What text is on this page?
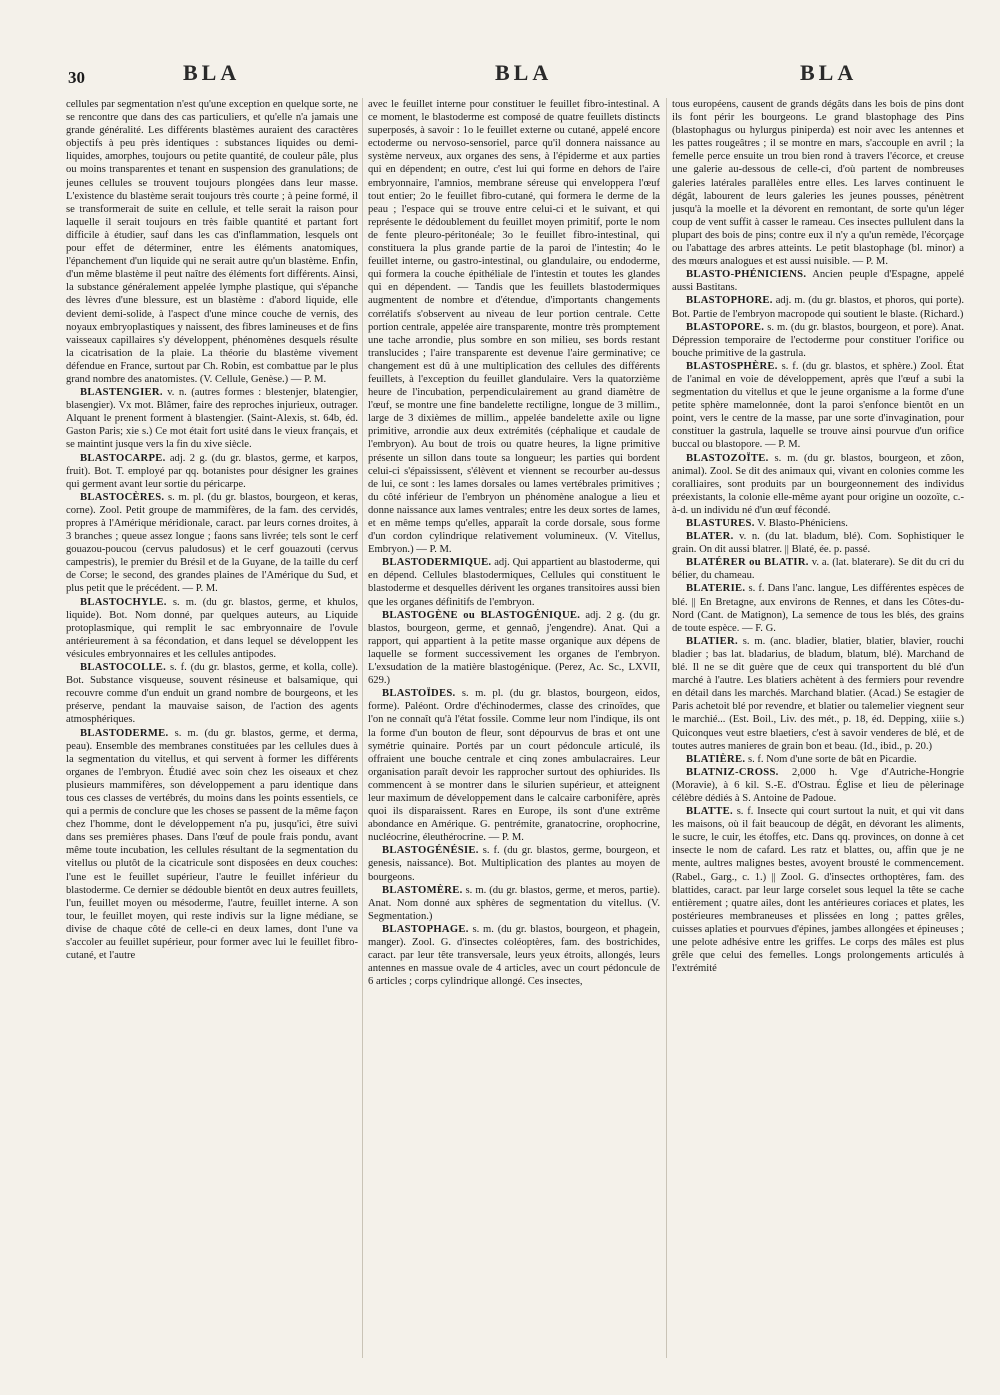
30	BLA	BLA	BLA

cellules par segmentation n'est qu'une exception en quelque sorte, ne se rencontre que dans des cas particuliers, et qu'elle n'a jamais une grande généralité. Les différents blastèmes auraient des caractères objectifs à peu près identiques : substances liquides ou demi-liquides, amorphes, toujours ou petite quantité, de couleur pâle, plus ou moins transparentes et tenant en suspension des granulations; de jeunes cellules se trouvent toujours plongées dans leur masse. L'existence du blastème serait toujours très courte ; à peine formé, il se transformerait de suite en cellule, et telle serait la raison pour laquelle il serait toujours en très faible quantité et partant fort difficile à étudier, sauf dans les cas d'inflammation, lesquels ont pour effet de déterminer, entre les éléments anatomiques, l'épanchement d'un liquide qui ne serait autre qu'un blastème. Enfin, d'un même blastème il peut naître des éléments fort différents. Ainsi, la substance généralement appelée lymphe plastique, qui s'épanche des lèvres d'une blessure, est un blastème : d'abord liquide, elle devient demi-solide, à l'aspect d'une mince couche de vernis, des noyaux embryoplastiques y naissent, des fibres lamineuses et de fins vaisseaux capillaires s'y développent, phénomènes desquels résulte la cicatrisation de la plaie. La théorie du blastème vivement défendue en France, surtout par Ch. Robin, est combattue par le plus grand nombre des anatomistes. (V. Cellule, Genèse.) — P. M.

BLASTENGIER. v. n. (autres formes : blestenjer, blatengier, blasengier). Vx mot. Blâmer, faire des reproches injurieux, outrager. Alquant le prenent forment à blastengier. (Saint-Alexis, st. 64b, éd. Gaston Paris; xie s.) Ce mot était fort usité dans le vieux français, et se maintint jusque vers la fin du xive siècle.

BLASTOCARPE. adj. 2 g. (du gr. blastos, germe, et karpos, fruit). Bot. T. employé par qq. botanistes pour désigner les graines qui germent avant leur sortie du péricarpe.

BLASTOCÈRES. s. m. pl. (du gr. blastos, bourgeon, et keras, corne). Zool. Petit groupe de mammifères, de la fam. des cervidés, propres à l'Amérique méridionale, caract. par leurs cornes droites, à 3 branches ; queue assez longue ; faons sans livrée; tels sont le cerf gouazou-poucou (cervus paludosus) et le cerf gouazouti (cervus campestris), le premier du Brésil et de la Guyane, de la taille du cerf de Corse; le second, des grandes plaines de l'Amérique du Sud, et plus petit que le précédent. — P. M.

BLASTOCHYLE. s. m. (du gr. blastos, germe, et khulos, liquide). Bot. Nom donné, par quelques auteurs, au Liquide protoplasmique, qui remplit le sac embryonnaire de l'ovule antérieurement à sa fécondation, et dans lequel se développent les vésicules embryonnaires et les cellules antipodes.

BLASTOCOLLE. s. f. (du gr. blastos, germe, et kolla, colle). Bot. Substance visqueuse, souvent résineuse et balsamique, qui recouvre comme d'un enduit un grand nombre de bourgeons, et les préserve, pendant la mauvaise saison, de l'action des agents atmosphériques.

BLASTODERME. s. m. (du gr. blastos, germe, et derma, peau). Ensemble des membranes constituées par les cellules dues à la segmentation du vitellus, et qui servent à former les différents organes de l'embryon. Étudié avec soin chez les oiseaux et chez plusieurs mammifères, son développement a paru identique dans tous ces classes de vertébrés, du moins dans les points essentiels, ce qui a permis de conclure que les choses se passent de la même façon chez l'homme, dont le développement n'a pu, jusqu'ici, être suivi dans ses premières phases. Dans l'œuf de poule frais pondu, avant même toute incubation, les cellules résultant de la segmentation du vitellus ou plutôt de la cicatricule sont disposées en deux couches: l'une est le feuillet supérieur, l'autre le feuillet inférieur du blastoderme. Ce dernier se dédouble bientôt en deux autres feuillets, l'un, feuillet moyen ou mésoderme, l'autre, feuillet interne. A son tour, le feuillet moyen, qui reste indivis sur la ligne médiane, se divise de chaque côté de celle-ci en deux lames, dont l'une va s'accoler au feuillet supérieur, pour former avec lui le feuillet fibro-cutané, et l'autre

avec le feuillet interne pour constituer le feuillet fibro-intestinal. A ce moment, le blastoderme est composé de quatre feuillets distincts superposés, à savoir : 1o le feuillet externe ou cutané, appelé encore ectoderme ou nervoso-sensoriel, parce qu'il donnera naissance au système nerveux, aux organes des sens, à l'épiderme et aux parties qui en dépendent; en outre, c'est lui qui forme en dehors de l'aire embryonnaire, l'amnios, membrane séreuse qui enveloppera l'œuf tout entier; 2o le feuillet fibro-cutané, qui formera le derme de la peau ; l'espace qui se trouve entre celui-ci et le suivant, et qui représente le dédoublement du feuillet moyen primitif, porte le nom de fente pleuro-péritonéale; 3o le feuillet fibro-intestinal, qui constituera la plus grande partie de la paroi de l'intestin; 4o le feuillet interne, ou gastro-intestinal, ou glandulaire, ou endoderme, qui formera la couche épithéliale de l'intestin et toutes les glandes qui en dépendent. — Tandis que les feuillets blastodermiques augmentent de nombre et d'étendue, d'importants changements corrélatifs s'observent au niveau de leur portion centrale. Cette portion centrale, appelée aire transparente, montre très promptement une tache arrondie, plus sombre en son milieu, ses bords restant translucides ; l'aire transparente est devenue l'aire germinative; ce changement est dû à une multiplication des cellules des différents feuillets, à l'exception du feuillet glandulaire. Vers la quatorzième heure de l'incubation, perpendiculairement au grand diamètre de l'œuf, se montre une fine bandelette rectiligne, longue de 3 millim., large de 3 dixièmes de millim., appelée bandelette axile ou ligne primitive, arrondie aux deux extrémités (céphalique et caudale de l'embryon). Au bout de trois ou quatre heures, la ligne primitive présente un sillon dans toute sa longueur; les parties qui bordent celui-ci s'épaississent, s'élèvent et viennent se recourber au-dessus de lui, ce sont : les lames dorsales ou lames vertébrales primitives ; du côté inférieur de l'embryon un phénomène analogue a lieu et donne naissance aux lames ventrales; entre les deux sortes de lames, et en même temps qu'elles, apparaît la corde dorsale, sous forme d'un cordon cylindrique relativement volumineux. (V. Vitellus, Embryon.) — P. M.

BLASTODERMIQUE. adj. Qui appartient au blastoderme, qui en dépend. Cellules blastodermiques, Cellules qui constituent le blastoderme et desquelles dérivent les organes transitoires aussi bien que les organes définitifs de l'embryon.

BLASTOGÈNE ou BLASTOGÉNIQUE. adj. 2 g. (du gr. blastos, bourgeon, germe, et gennaô, j'engendre). Anat. Qui a rapport, qui appartient à la petite masse organique aux dépens de laquelle se forment successivement les organes de l'embryon. L'exsudation de la matière blastogénique. (Perez, Ac. Sc., LXVII, 629.)

BLASTOÏDES. s. m. pl. (du gr. blastos, bourgeon, eidos, forme). Paléont. Ordre d'échinodermes, classe des crinoïdes, que l'on ne connaît qu'à l'état fossile. Comme leur nom l'indique, ils ont la forme d'un bouton de fleur, sont dépourvus de bras et ont une symétrie quinaire. Portés par un court pédoncule articulé, ils offraient une bouche centrale et cinq zones ambulacraires. Leur organisation paraît devoir les rapprocher surtout des ophiurides. Ils commencent à se montrer dans le silurien supérieur, et atteignent leur maximum de développement dans le calcaire carbonifère, après quoi ils disparaissent. Rares en Europe, ils sont d'une extrême abondance en Amérique. G. pentrémite, granatocrine, orophocrine, nucléocrine, éleuthérocrine. — P. M.

BLASTOGÉNÉSIE. s. f. (du gr. blastos, germe, bourgeon, et genesis, naissance). Bot. Multiplication des plantes au moyen de bourgeons.

BLASTOMÈRE. s. m. (du gr. blastos, germe, et meros, partie). Anat. Nom donné aux sphères de segmentation du vitellus. (V. Segmentation.)

BLASTOPHAGE. s. m. (du gr. blastos, bourgeon, et phagein, manger). Zool. G. d'insectes coléoptères, fam. des bostrichides, caract. par leur tête transversale, leurs yeux étroits, allongés, leurs antennes en massue ovale de 4 articles, avec un court pédoncule de 6 articles ; corps cylindrique allongé. Ces insectes,

tous européens, causent de grands dégâts dans les bois de pins dont ils font périr les bourgeons. Le grand blastophage des Pins (blastophagus ou hylurgus piniperda) est noir avec les antennes et les pattes rougeâtres ; il se montre en mars, s'accouple en avril ; la femelle perce ensuite un trou bien rond à travers l'écorce, et creuse une galerie au-dessous de celle-ci, d'où partent de nombreuses galeries latérales parallèles entre elles. Les larves continuent le dégât, labourent de leurs galeries les jeunes pousses, pénètrent jusqu'à la moelle et la dévorent en remontant, de sorte qu'un léger coup de vent suffit à casser le rameau. Ces insectes pullulent dans la plupart des bois de pins; contre eux il n'y a qu'un remède, l'écorçage ou l'abattage des arbres atteints. Le petit blastophage (bl. minor) a des mœurs analogues et est aussi nuisible. — P. M.

BLASTO-PHÉNICIENS. Ancien peuple d'Espagne, appelé aussi Bastitans.

BLASTOPHORE. adj. m. (du gr. blastos, et phoros, qui porte). Bot. Partie de l'embryon macropode qui soutient le blaste. (Richard.)

BLASTOPORE. s. m. (du gr. blastos, bourgeon, et pore). Anat. Dépression temporaire de l'ectoderme pour constituer l'orifice ou bouche primitive de la gastrula.

BLASTOSPHÈRE. s. f. (du gr. blastos, et sphère.) Zool. État de l'animal en voie de développement, après que l'œuf a subi la segmentation du vitellus et que le jeune organisme a la forme d'une petite sphère mamelonnée, dont la paroi s'enfonce bientôt en un point, vers le centre de la masse, par une sorte d'invagination, pour constituer la gastrula, laquelle se trouve ainsi pourvue d'un orifice buccal ou blastopore. — P. M.

BLASTOZOÏTE. s. m. (du gr. blastos, bourgeon, et zôon, animal). Zool. Se dit des animaux qui, vivant en colonies comme les coralliaires, sont produits par un bourgeonnement des individus préexistants, la colonie elle-même ayant pour origine un oozoïte, c.-à-d. un individu né d'un œuf fécondé.

BLASTURES. V. Blasto-Phéniciens.

BLATER. v. n. (du lat. bladum, blé). Com. Sophistiquer le grain. On dit aussi blatrer. || Blaté, ée. p. passé.

BLATÉRER ou BLATIR. v. a. (lat. blaterare). Se dit du cri du bélier, du chameau.

BLATERIE. s. f. Dans l'anc. langue, Les différentes espèces de blé. || En Bretagne, aux environs de Rennes, et dans les Côtes-du-Nord (Cant. de Matignon), La semence de tous les blés, des grains de toute espèce. — F. G.

BLATIER. s. m. (anc. bladier, blatier, blatier, blavier, rouchi bladier ; bas lat. bladarius, de bladum, blatum, blé). Marchand de blé. Il ne se dit guère que de ceux qui transportent du blé d'un marché à l'autre. Les blatiers achètent à des fermiers pour revendre en détail dans les marchés. Marchand blatier. (Acad.) Se estagier de Paris achetoit blé por revendre, et blatier ou talemelier viegnent seur le marchié... (Est. Boil., Liv. des mét., p. 18, éd. Depping, xiiie s.) Quiconques veut estre blaetiers, c'est à savoir venderes de blé, et de toutes autres manieres de grain bon et beau. (Id., ibid., p. 20.)

BLATIÈRE. s. f. Nom d'une sorte de bât en Picardie.

BLATNIZ-CROSS. 2,000 h. Vge d'Autriche-Hongrie (Moravie), à 6 kil. S.-E. d'Ostrau. Église et lieu de pèlerinage célèbre dédiés à S. Antoine de Padoue.

BLATTE. s. f. Insecte qui court surtout la nuit, et qui vit dans les maisons, où il fait beaucoup de dégât, en dévorant les aliments, le sucre, le cuir, les étoffes, etc. Dans qq. provinces, on donne à cet insecte le nom de cafard. Les ratz et blattes, ou, affin que je ne mente, aultres malignes bestes, avoyent brousté le commencement. (Rabel., Garg., c. 1.) || Zool. G. d'insectes orthoptères, fam. des blattides, caract. par leur large corselet sous lequel la tête se cache entièrement ; quatre ailes, dont les antérieures coriaces et plates, les postérieures membraneuses et plissées en long ; pattes grêles, cuisses aplaties et pourvues d'épines, jambes allongées et épineuses ; une pelote adhésive entre les griffes. Le corps des mâles est plus grêle que celui des femelles. Longs prolongements articulés à l'extrémité
